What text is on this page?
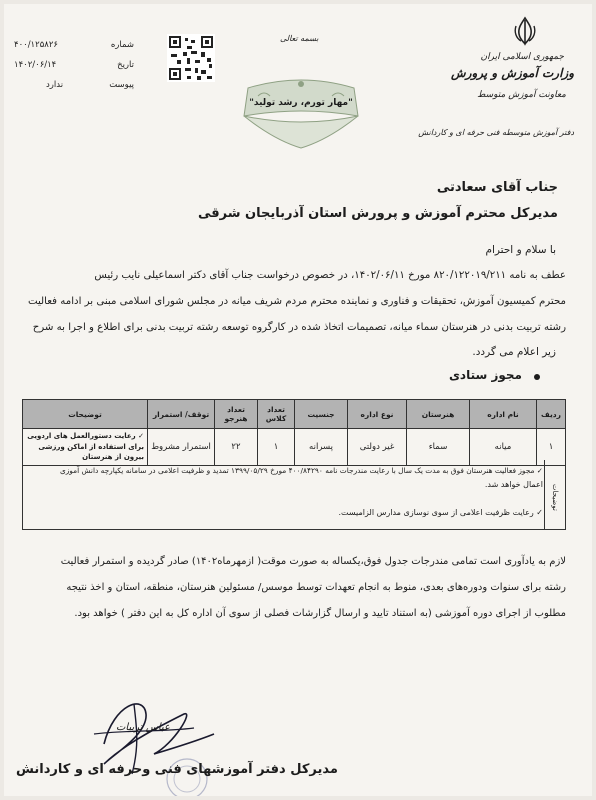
۴۰۰/۱۲۵۸۲۶	شماره
۱۴۰۲/۰۶/۱۴	تاریخ
ندارد	پیوست
بسمه تعالی
"مهار تورم، رشد تولید"
جمهوری اسلامی ایران
وزارت آموزش و پرورش
معاونت آموزش متوسط
دفتر آموزش متوسطه فنی حرفه ای و کاردانش
جناب آقای سعادتی
مدیرکل محترم آموزش و پرورش استان آذربایجان شرقی
با سلام و احترام
عطف به نامه ۸۲۰/۱۲۲۰۱۹/۲۱۱ مورخ ۱۴۰۲/۰۶/۱۱، در خصوص درخواست جناب آقای دکتر اسماعیلی نایب رئیس
محترم کمیسیون آموزش، تحقیقات و فناوری و نماینده محترم مردم شریف میانه در مجلس شورای اسلامی مبنی بر ادامه فعالیت
رشته تربیت بدنی در هنرستان سماء میانه، تصمیمات اتخاذ شده در کارگروه توسعه رشته تربیت بدنی برای اطلاع و اجرا به شرح
زیر اعلام می گردد.
مجوز ستادی
ردیف	نام اداره	هنرستان	نوع اداره	جنسیت	تعداد کلاس	تعداد هنرجو	توقف/ استمرار	توضیحات
۱	میانه	سماء	غیر دولتی	پسرانه	۱	۲۲	استمرار مشروط	✓ رعایت دستورالعمل های اردویی برای استفاده از اماکن ورزشی بیرون از هنرستان
توضیحات
✓ مجوز فعالیت هنرستان فوق به مدت یک سال با رعایت مندرجات نامه ۴۰۰/۸۴۲۹۰ مورخ ۱۳۹۹/۰۵/۲۹ تمدید و ظرفیت اعلامی در سامانه یکپارچه دانش آموزی
اعمال خواهد شد.
✓ رعایت ظرفیت اعلامی از سوی نوسازی مدارس الزامیست.
لازم به یادآوری است تمامی مندرجات جدول فوق،یکساله به صورت موقت( ازمهرماه۱۴۰۲) صادر گردیده و استمرار فعالیت
رشته برای سنوات ودوره‌های بعدی، منوط به انجام تعهدات توسط موسس/ مسئولین هنرستان، منطقه، استان و اخذ نتیجه
مطلوب از اجرای دوره آموزشی (به استناد تایید و ارسال گزارشات فصلی از سوی آن اداره کل به این دفتر ) خواهد بود.
عباس تربیات
مدیرکل دفتر آموزشهای فنی وحرفه ای و کاردانش
